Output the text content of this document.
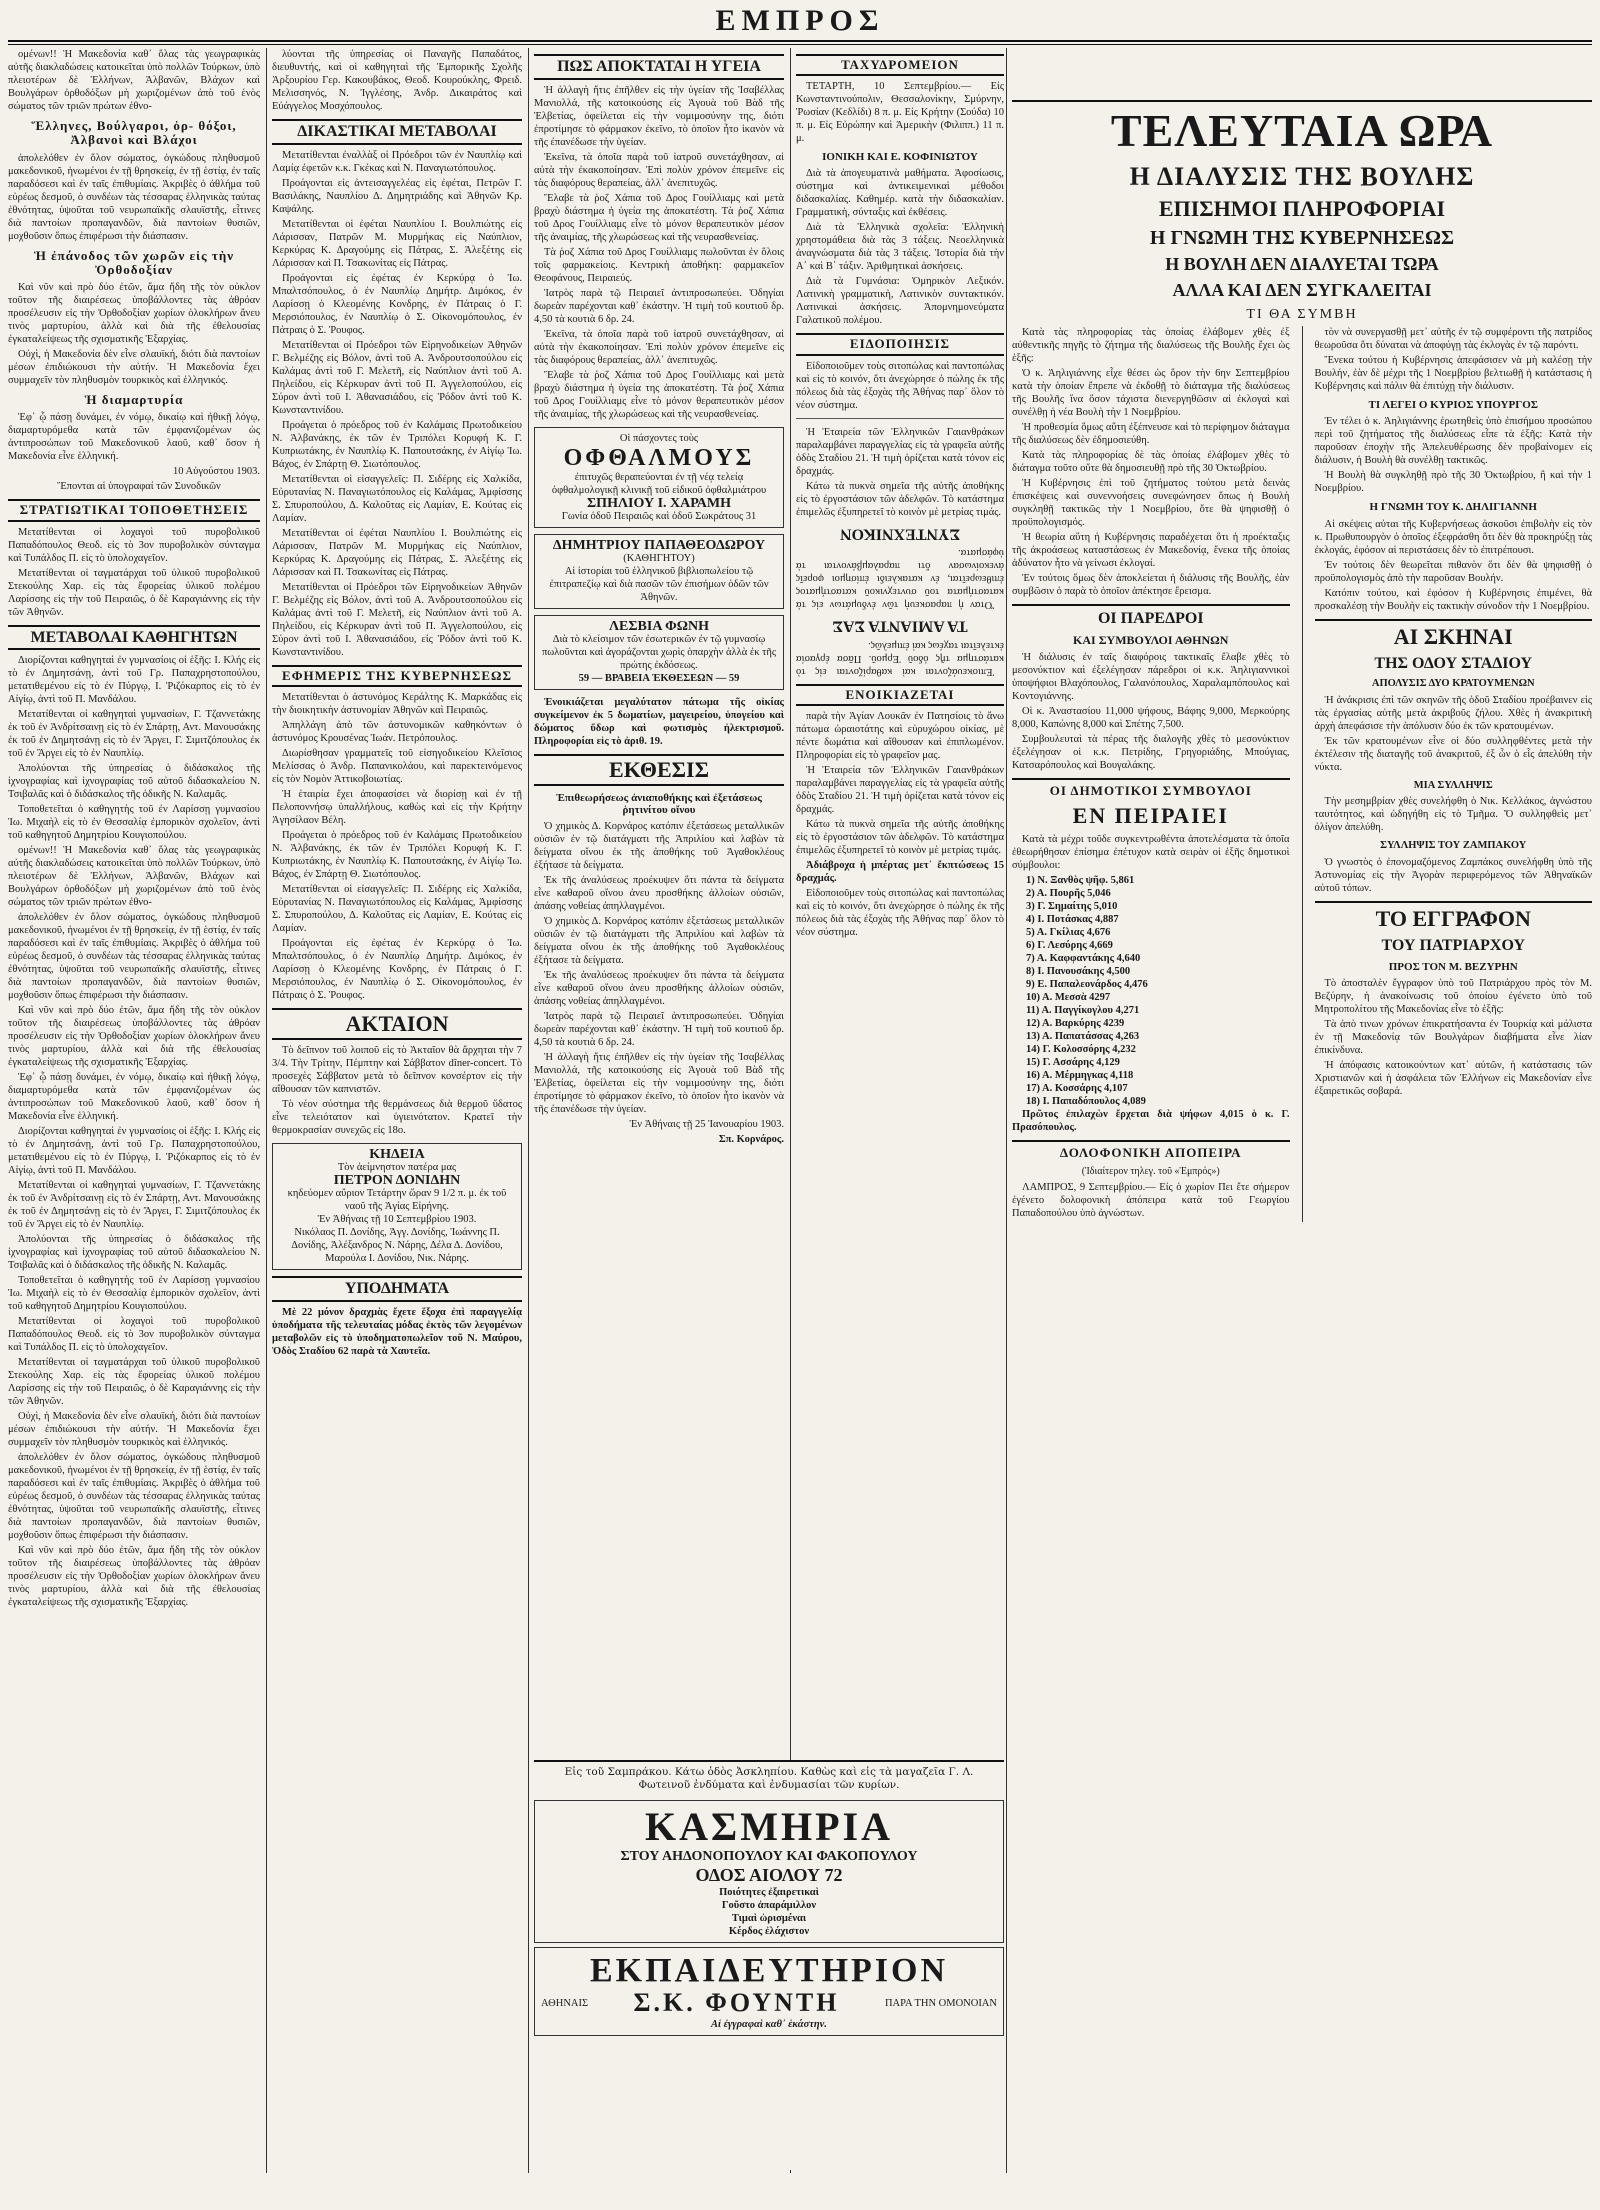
ΕΜΠΡΟΣ

ομένων!! Ἡ Μακεδονία καθ᾿ ὅλας τὰς γεωγραφικὰς αὐτῆς διακλαδώσεις κατοικεῖται ὑπὸ πολλῶν Τούρκων, ὑπὸ πλειοτέρων δὲ Ἑλλήνων, Ἀλβανῶν, Βλάχων καὶ Βουλγάρων ὀρθοδόξων μὴ χωριζομένων ἀπὸ τοῦ ἑνὸς σώματος τῶν τριῶν πρώτων ἐθνο-

Ἕλληνες, Βούλγαροι, ὀρ- θόξοι, Ἀλβανοὶ καὶ Βλάχοι

ἀπολελόθεν ἐν ὅλον σώματος, ὀγκώδους πληθυσμοῦ μακεδονικοῦ, ἡνωμένοι ἐν τῇ θρησκείᾳ, ἐν τῇ ἑστίᾳ, ἐν ταῖς παραδόσεσι καὶ ἐν ταῖς ἐπιθυμίαις. Ἀκριβὲς ὁ ἀθλήμα τοῦ εὐρέως δεσμοῦ, ὁ συνδέων τὰς τέσσαρας ἑλληνικὰς ταύτας ἐθνότητας, ὑψοῦται τοῦ νευρωπαϊκῆς σλαυϊστῆς, εἶτινες διὰ παντοίων προπαγανδῶν, διὰ παντοίων θυσιῶν, μοχθοῦσιν ὅπως ἐπιφέρωσι τὴν διάσπασιν.

Ἡ ἐπάνοδος τῶν χωρῶν εἰς τὴν Ὀρθοδοξίαν

Καὶ νῦν καὶ πρὸ δύο ἐτῶν, ἅμα ἤδη τῆς τὸν οὐκλον τοῦτον τῆς διαιρέσεως ὑποβάλλοντες τὰς ἀθρόαν προσέλευσιν εἰς τὴν Ὀρθοδοξίαν χωρίων ὁλοκλήρων ἄνευ τινὸς μαρτυρίου, ἀλλὰ καὶ διὰ τῆς ἐθελουσίας ἐγκαταλείψεως τῆς σχισματικῆς Ἐξαρχίας.

Οὐχὶ, ἡ Μακεδονία δὲν εἶνε σλαυϊκή, διότι διὰ παντοίων μέσων ἐπιδιώκουσι τὴν αὐτήν. Ἡ Μακεδονία ἔχει συμμαχεῖν τὸν πληθυσμὸν τουρκικὸς καὶ ἑλληνικός.

Ἡ διαμαρτυρία

Ἐφ᾿ ᾧ πάσῃ δυνάμει, ἐν νόμῳ, δικαίῳ καὶ ἠθικῇ λόγῳ, διαμαρτυρόμεθα κατὰ τῶν ἐμφανιζομένων ὡς ἀντιπροσώπων τοῦ Μακεδονικοῦ λαοῦ, καθ᾿ ὅσον ἡ Μακεδονία εἶνε ἑλληνική.

10 Αὐγούστου 1903.

Ἕπονται αἱ ὑπογραφαί τῶν Συνοδικῶν

ΣΤΡΑΤΙΩΤΙΚΑΙ ΤΟΠΟΘΕΤΗΣΕΙΣ

Μετατίθενται οἱ λοχαγοὶ τοῦ πυροβολικοῦ Παπαδόπουλος Θεοδ. εἰς τὸ 3ον πυροβολικὸν σύνταγμα καὶ Τυπάλδος Π. εἰς τὸ ὑπολοχαγεῖον.

Μετατίθενται οἱ ταγματάρχαι τοῦ ὑλικοῦ πυροβολικοῦ Στεκούλης Χαρ. εἰς τὰς ἔφορείας ὑλικοῦ πολέμου Λαρίσσης εἰς τὴν τοῦ Πειραιῶς, ὁ δὲ Καραγιάννης εἰς τὴν τῶν Ἀθηνῶν.

ΜΕΤΑΒΟΛΑΙ ΚΑΘΗΓΗΤΩΝ

Διορίζονται καθηγηταὶ ἐν γυμνασίοις οἱ ἑξῆς: Ι. Κλής εἰς τὸ ἐν Δημητσάνῃ, ἀντὶ τοῦ Γρ. Παπαχρηστοπούλου, μετατιθεμένου εἰς τὸ ἐν Πύργῳ, Ι. Ῥιζόκαρπος εἰς τὸ ἐν Αἰγίῳ, ἀντὶ τοῦ Π. Μανδάλου.

Μετατίθενται οἱ καθηγηταὶ γυμνασίων, Γ. Τζαννετάκης ἐκ τοῦ ἐν Ἀνδρίτσαινῃ εἰς τὸ ἐν Σπάρτῃ, Αντ. Μανουσάκης ἐκ τοῦ ἐν Δημητσάνῃ εἰς τὸ ἐν Ἄργει, Γ. Σιμιτζόπουλος ἐκ τοῦ ἐν Ἄργει εἰς τὸ ἐν Ναυπλίῳ.

Ἀπολύονται τῆς ὑπηρεσίας ὁ διδάσκαλος τῆς ἱχνογραφίας καὶ ἰχνογραφίας τοῦ αὐτοῦ διδασκαλείου Ν. Τσιβαλᾶς καὶ ὁ διδάσκαλος τῆς ὁδικῆς Ν. Καλαμᾶς.

Τοποθετεῖται ὁ καθηγητὴς τοῦ ἐν Λαρίσσῃ γυμνασίου Ἰω. Μιχαὴλ εἰς τὸ ἐν Θεσσαλίᾳ ἐμπορικὸν σχολεῖον, ἀντὶ τοῦ καθηγητοῦ Δημητρίου Κουγιοπούλου.

ομένων!! Ἡ Μακεδονία καθ᾿ ὅλας τὰς γεωγραφικὰς αὐτῆς διακλαδώσεις κατοικεῖται ὑπὸ πολλῶν Τούρκων, ὑπὸ πλειοτέρων δὲ Ἑλλήνων, Ἀλβανῶν, Βλάχων καὶ Βουλγάρων ὀρθοδόξων μὴ χωριζομένων ἀπὸ τοῦ ἑνὸς σώματος τῶν τριῶν πρώτων ἐθνο-

ἀπολελόθεν ἐν ὅλον σώματος, ὀγκώδους πληθυσμοῦ μακεδονικοῦ, ἡνωμένοι ἐν τῇ θρησκείᾳ, ἐν τῇ ἑστίᾳ, ἐν ταῖς παραδόσεσι καὶ ἐν ταῖς ἐπιθυμίαις. Ἀκριβὲς ὁ ἀθλήμα τοῦ εὐρέως δεσμοῦ, ὁ συνδέων τὰς τέσσαρας ἑλληνικὰς ταύτας ἐθνότητας, ὑψοῦται τοῦ νευρωπαϊκῆς σλαυϊστῆς, εἶτινες διὰ παντοίων προπαγανδῶν, διὰ παντοίων θυσιῶν, μοχθοῦσιν ὅπως ἐπιφέρωσι τὴν διάσπασιν.

Καὶ νῦν καὶ πρὸ δύο ἐτῶν, ἅμα ἤδη τῆς τὸν οὐκλον τοῦτον τῆς διαιρέσεως ὑποβάλλοντες τὰς ἀθρόαν προσέλευσιν εἰς τὴν Ὀρθοδοξίαν χωρίων ὁλοκλήρων ἄνευ τινὸς μαρτυρίου, ἀλλὰ καὶ διὰ τῆς ἐθελουσίας ἐγκαταλείψεως τῆς σχισματικῆς Ἐξαρχίας.

Ἐφ᾿ ᾧ πάσῃ δυνάμει, ἐν νόμῳ, δικαίῳ καὶ ἠθικῇ λόγῳ, διαμαρτυρόμεθα κατὰ τῶν ἐμφανιζομένων ὡς ἀντιπροσώπων τοῦ Μακεδονικοῦ λαοῦ, καθ᾿ ὅσον ἡ Μακεδονία εἶνε ἑλληνική.

Διορίζονται καθηγηταὶ ἐν γυμνασίοις οἱ ἑξῆς: Ι. Κλής εἰς τὸ ἐν Δημητσάνῃ, ἀντὶ τοῦ Γρ. Παπαχρηστοπούλου, μετατιθεμένου εἰς τὸ ἐν Πύργῳ, Ι. Ῥιζόκαρπος εἰς τὸ ἐν Αἰγίῳ, ἀντὶ τοῦ Π. Μανδάλου.

Μετατίθενται οἱ καθηγηταὶ γυμνασίων, Γ. Τζαννετάκης ἐκ τοῦ ἐν Ἀνδρίτσαινῃ εἰς τὸ ἐν Σπάρτῃ, Αντ. Μανουσάκης ἐκ τοῦ ἐν Δημητσάνῃ εἰς τὸ ἐν Ἄργει, Γ. Σιμιτζόπουλος ἐκ τοῦ ἐν Ἄργει εἰς τὸ ἐν Ναυπλίῳ.

Ἀπολύονται τῆς ὑπηρεσίας ὁ διδάσκαλος τῆς ἱχνογραφίας καὶ ἰχνογραφίας τοῦ αὐτοῦ διδασκαλείου Ν. Τσιβαλᾶς καὶ ὁ διδάσκαλος τῆς ὁδικῆς Ν. Καλαμᾶς.

Τοποθετεῖται ὁ καθηγητὴς τοῦ ἐν Λαρίσσῃ γυμνασίου Ἰω. Μιχαὴλ εἰς τὸ ἐν Θεσσαλίᾳ ἐμπορικὸν σχολεῖον, ἀντὶ τοῦ καθηγητοῦ Δημητρίου Κουγιοπούλου.

Μετατίθενται οἱ λοχαγοὶ τοῦ πυροβολικοῦ Παπαδόπουλος Θεοδ. εἰς τὸ 3ον πυροβολικὸν σύνταγμα καὶ Τυπάλδος Π. εἰς τὸ ὑπολοχαγεῖον.

Μετατίθενται οἱ ταγματάρχαι τοῦ ὑλικοῦ πυροβολικοῦ Στεκούλης Χαρ. εἰς τὰς ἔφορείας ὑλικοῦ πολέμου Λαρίσσης εἰς τὴν τοῦ Πειραιῶς, ὁ δὲ Καραγιάννης εἰς τὴν τῶν Ἀθηνῶν.

Οὐχὶ, ἡ Μακεδονία δὲν εἶνε σλαυϊκή, διότι διὰ παντοίων μέσων ἐπιδιώκουσι τὴν αὐτήν. Ἡ Μακεδονία ἔχει συμμαχεῖν τὸν πληθυσμὸν τουρκικὸς καὶ ἑλληνικός.

ἀπολελόθεν ἐν ὅλον σώματος, ὀγκώδους πληθυσμοῦ μακεδονικοῦ, ἡνωμένοι ἐν τῇ θρησκείᾳ, ἐν τῇ ἑστίᾳ, ἐν ταῖς παραδόσεσι καὶ ἐν ταῖς ἐπιθυμίαις. Ἀκριβὲς ὁ ἀθλήμα τοῦ εὐρέως δεσμοῦ, ὁ συνδέων τὰς τέσσαρας ἑλληνικὰς ταύτας ἐθνότητας, ὑψοῦται τοῦ νευρωπαϊκῆς σλαυϊστῆς, εἶτινες διὰ παντοίων προπαγανδῶν, διὰ παντοίων θυσιῶν, μοχθοῦσιν ὅπως ἐπιφέρωσι τὴν διάσπασιν.

Καὶ νῦν καὶ πρὸ δύο ἐτῶν, ἅμα ἤδη τῆς τὸν οὐκλον τοῦτον τῆς διαιρέσεως ὑποβάλλοντες τὰς ἀθρόαν προσέλευσιν εἰς τὴν Ὀρθοδοξίαν χωρίων ὁλοκλήρων ἄνευ τινὸς μαρτυρίου, ἀλλὰ καὶ διὰ τῆς ἐθελουσίας ἐγκαταλείψεως τῆς σχισματικῆς Ἐξαρχίας.

λύονται τῆς ὑπηρεσίας οἱ Παναγῆς Παπαδάτος, διευθυντής, καὶ οἱ καθηγηταὶ τῆς Ἐμπορικῆς Σχολῆς Ἀρξουρίου Γερ. Κακουβάκος, Θεοδ. Κουρούκλης, Φρειδ. Μελισσηνός, Ν. Ἰγγλέσης, Ἀνδρ. Δικαιράτος καὶ Εὐάγγελος Μοσχόπουλος.

ΔΙΚΑΣΤΙΚΑΙ ΜΕΤΑΒΟΛΑΙ

Μετατίθενται ἐναλλὰξ οἱ Πρόεδροι τῶν ἐν Ναυπλίῳ καὶ Λαμίᾳ ἐφετῶν κ.κ. Γκέκας καὶ Ν. Παναγιωτόπουλος.

Προάγονται εἰς ἀντεισαγγελέας εἰς ἐφέται, Πετρῶν Γ. Βασιλάκης, Ναυπλίου Δ. Δημητριάδης καὶ Ἀθηνῶν Κρ. Καψάλης.

Μετατίθενται οἱ ἐφέται Ναυπλίου Ι. Βουλπιώτης εἰς Λάρισσαν, Πατρῶν Μ. Μυρμήκας εἰς Ναύπλιον, Κερκύρας Κ. Δραγούμης εἰς Πάτρας, Σ. Ἀλεξέτης εἰς Λάρισσαν καὶ Π. Τσακωνίτας εἰς Πάτρας.

Προάγονται εἰς ἐφέτας ἐν Κερκύρᾳ ὁ Ἰω. Μπαλτσόπουλος, ὁ ἐν Ναυπλίῳ Δημήτρ. Διμόκος, ἐν Λαρίσσῃ ὁ Κλεομένης Κονδρης, ἐν Πάτραις ὁ Γ. Μερσιόπουλος, ἐν Ναυπλίῳ ὁ Σ. Οἰκονομόπουλος, ἐν Πάτραις ὁ Σ. Ῥουφος.

Μετατίθενται οἱ Πρόεδροι τῶν Εἰρηνοδικείων Ἀθηνῶν Γ. Βελμέζης εἰς Βόλον, ἀντὶ τοῦ Α. Ἀνδρουτσοπούλου εἰς Καλάμας ἀντὶ τοῦ Γ. Μελετῆ, εἰς Ναύπλιον ἀντὶ τοῦ Α. Πηλείδου, εἰς Κέρκυραν ἀντὶ τοῦ Π. Ἀγγελοπούλου, εἰς Σύρον ἀντὶ τοῦ Ι. Ἀθανασιάδου, εἰς Ῥόδον ἀντὶ τοῦ Κ. Κωνσταντινίδου.

Προάγεται ὁ πρόεδρος τοῦ ἐν Καλάμαις Πρωτοδικείου Ν. Ἀλβανάκης, ἐκ τῶν ἐν Τριπόλει Κορυφή Κ. Γ. Κυπριωτάκης, ἐν Ναυπλίῳ Κ. Παπουτσάκης, ἐν Αἰγίῳ Ἰω. Βάχος, ἐν Σπάρτῃ Θ. Σιωτόπουλος.

Μετατίθενται οἱ εἰσαγγελεῖς: Π. Σιδέρης εἰς Χαλκίδα, Εὐρυτανίας Ν. Παναγιωτόπουλος εἰς Καλάμας, Ἀμφίσσης Σ. Σπυροπούλου, Δ. Καλοῦτας εἰς Λαμίαν, Ε. Κούτας εἰς Λαμίαν.

Μετατίθενται οἱ ἐφέται Ναυπλίου Ι. Βουλπιώτης εἰς Λάρισσαν, Πατρῶν Μ. Μυρμήκας εἰς Ναύπλιον, Κερκύρας Κ. Δραγούμης εἰς Πάτρας, Σ. Ἀλεξέτης εἰς Λάρισσαν καὶ Π. Τσακωνίτας εἰς Πάτρας.

Μετατίθενται οἱ Πρόεδροι τῶν Εἰρηνοδικείων Ἀθηνῶν Γ. Βελμέζης εἰς Βόλον, ἀντὶ τοῦ Α. Ἀνδρουτσοπούλου εἰς Καλάμας ἀντὶ τοῦ Γ. Μελετῆ, εἰς Ναύπλιον ἀντὶ τοῦ Α. Πηλείδου, εἰς Κέρκυραν ἀντὶ τοῦ Π. Ἀγγελοπούλου, εἰς Σύρον ἀντὶ τοῦ Ι. Ἀθανασιάδου, εἰς Ῥόδον ἀντὶ τοῦ Κ. Κωνσταντινίδου.

ΕΦΗΜΕΡΙΣ ΤΗΣ ΚΥΒΕΡΝΗΣΕΩΣ

Μετατίθενται ὁ ἀστυνόμος Κεράλτης Κ. Μαρκάδας εἰς τὴν διοικητικὴν ἀστυνομίαν Ἀθηνῶν καὶ Πειραιῶς.

Ἀπηλλάγη ἀπὸ τῶν ἀστυνομικῶν καθηκόντων ὁ ἀστυνόμος Κρουσένας Ἰωάν. Πετρόπουλος.

Διωρίσθησαν γραμματεῖς τοῦ εἰσηγοδικείου Κλεῖσιος Μελίσσας ὁ Ἀνδρ. Παπανικολάου, καὶ παρεκτεινόμενος εἰς τὸν Νομὸν Ἀττικοβοιωτίας.

Ἡ ἑταιρία ἔχει ἀποφασίσει νὰ διορίσῃ καὶ ἐν τῇ Πελοποννήσῳ ὑπαλλήλους, καθὼς καὶ εἰς τὴν Κρήτην Ἀγησίλαον Βέλη.

Προάγεται ὁ πρόεδρος τοῦ ἐν Καλάμαις Πρωτοδικείου Ν. Ἀλβανάκης, ἐκ τῶν ἐν Τριπόλει Κορυφή Κ. Γ. Κυπριωτάκης, ἐν Ναυπλίῳ Κ. Παπουτσάκης, ἐν Αἰγίῳ Ἰω. Βάχος, ἐν Σπάρτῃ Θ. Σιωτόπουλος.

Μετατίθενται οἱ εἰσαγγελεῖς: Π. Σιδέρης εἰς Χαλκίδα, Εὐρυτανίας Ν. Παναγιωτόπουλος εἰς Καλάμας, Ἀμφίσσης Σ. Σπυροπούλου, Δ. Καλοῦτας εἰς Λαμίαν, Ε. Κούτας εἰς Λαμίαν.

Προάγονται εἰς ἐφέτας ἐν Κερκύρᾳ ὁ Ἰω. Μπαλτσόπουλος, ὁ ἐν Ναυπλίῳ Δημήτρ. Διμόκος, ἐν Λαρίσσῃ ὁ Κλεομένης Κονδρης, ἐν Πάτραις ὁ Γ. Μερσιόπουλος, ἐν Ναυπλίῳ ὁ Σ. Οἰκονομόπουλος, ἐν Πάτραις ὁ Σ. Ῥουφος.

ΑΚΤΑΙΟΝ

Τὸ δεῖπνον τοῦ λοιποῦ εἰς τὸ Ἀκταῖον θὰ ἄρχηται τὴν 7 3/4. Τὴν Τρίτην, Πέμπτην καὶ Σάββατον dîner-concert. Τὸ προσεχὲς Σάββατον μετὰ τὸ δεῖπνον κονσέρτον εἰς τὴν αἴθουσαν τῶν καπνιστῶν.

Τὸ νέον σύστημα τῆς θερμάνσεως διὰ θερμοῦ ὕδατος εἶνε τελειότατον καὶ ὑγιεινότατον. Κρατεῖ τὴν θερμοκρασίαν συνεχῶς εἰς 18ο.

ΚΗΔΕΙΑ
Τὸν ἀείμνηστον πατέρα μας
ΠΕΤΡΟΝ ΔΟΝΙΔΗΝ
κηδεύομεν αὔριον Τετάρτην ὥραν 9 1/2 π. μ. ἐκ τοῦ ναοῦ τῆς Ἁγίας Εἰρήνης.
Ἐν Ἀθήναις τῇ 10 Σεπτεμβρίου 1903.
Νικόλαος Π. Δονίδης, Ἀγγ. Δονίδης, Ἰωάννης Π. Δονίδης, Ἀλέξανδρος Ν. Νάρης, Δέλα Δ. Δονίδου, Μαρούλα Ι. Δονίδου, Νικ. Νάρης.
ΥΠΟΔΗΜΑΤΑ

Μὲ 22 μόνον δραχμὰς ἔχετε ἕξοχα ἐπὶ παραγγελίᾳ ὑποδήματα τῆς τελευταίας μόδας ἐκτὸς τῶν λεγομένων μεταβολῶν εἰς τὸ ὑποδηματοπωλεῖον τοῦ Ν. Μαύρου, Ὁδὸς Σταδίου 62 παρὰ τὰ Χαυτεῖα.

ΠΩΣ ΑΠΟΚΤΑΤΑΙ Η ΥΓΕΙΑ

Ἡ ἀλλαγὴ ἤτις ἐπῆλθεν εἰς τὴν ὑγείαν τῆς Ἰσαβέλλας Μανιολλά, τῆς κατοικούσης εἰς Ἀγουὰ τοῦ Βὰδ τῆς Ἐλβετίας, ὀφείλεται εἰς τὴν νομιμοσύνην της, διότι ἐπροτίμησε τὸ φάρμακον ἐκεῖνο, τὸ ὁποῖον ἦτο ἱκανὸν νὰ τῆς ἐπανέδωσε τὴν ὑγείαν.

Ἐκεῖνα, τὰ ὁποῖα παρὰ τοῦ ἰατροῦ συνετάχθησαν, αἱ αὐτὰ τὴν ἐκακοποίησαν. Ἐπὶ πολὺν χρόνον ἐπεμεῖνε εἰς τὰς διαφόρους θεραπείας, ἀλλ᾿ ἀνεπιτυχῶς.

Ἔλαβε τὰ ῥοζ Χάπια τοῦ Δρος Γουίλλιαμς καὶ μετὰ βραχὺ διάστημα ἡ ὑγεία της ἀποκατέστη. Τὰ ῥοζ Χάπια τοῦ Δρος Γουίλλιαμς εἶνε τὸ μόνον θεραπευτικὸν μέσον τῆς ἀναιμίας, τῆς χλωρώσεως καὶ τῆς νευρασθενείας.

Τὰ ῥοζ Χάπια τοῦ Δρος Γουίλλιαμς πωλοῦνται ἐν ὅλοις τοῖς φαρμακείοις. Κεντρικὴ ἀποθήκη: φαρμακεῖον Θεοφάνους, Πειραιεύς.

Ἰατρὸς παρὰ τῷ Πειραιεῖ ἀντιπροσωπεύει. Ὁδηγίαι δωρεὰν παρέχονται καθ᾿ ἑκάστην. Ἡ τιμὴ τοῦ κουτιοῦ δρ. 4,50 τὰ κουτιὰ 6 δρ. 24.

Ἐκεῖνα, τὰ ὁποῖα παρὰ τοῦ ἰατροῦ συνετάχθησαν, αἱ αὐτὰ τὴν ἐκακοποίησαν. Ἐπὶ πολὺν χρόνον ἐπεμεῖνε εἰς τὰς διαφόρους θεραπείας, ἀλλ᾿ ἀνεπιτυχῶς.

Ἔλαβε τὰ ῥοζ Χάπια τοῦ Δρος Γουίλλιαμς καὶ μετὰ βραχὺ διάστημα ἡ ὑγεία της ἀποκατέστη. Τὰ ῥοζ Χάπια τοῦ Δρος Γουίλλιαμς εἶνε τὸ μόνον θεραπευτικὸν μέσον τῆς ἀναιμίας, τῆς χλωρώσεως καὶ τῆς νευρασθενείας.

Οἱ πάσχοντες τοὺς
ΟΦΘΑΛΜΟΥΣ
ἐπιτυχῶς θεραπεύονται ἐν τῇ νέᾳ τελείᾳ ὀφθαλμολογικῇ κλινικῇ τοῦ εἰδικοῦ ὀφθαλμιάτρου
ΣΠΗΛΙΟΥ Ι. ΧΑΡΑΜΗ
Γωνία ὁδοῦ Πειραιῶς καὶ ὁδοῦ Σωκράτους 31
ΔΗΜΗΤΡΙΟΥ ΠΑΠΑΘΕΟΔΩΡΟΥ
(ΚΑΘΗΓΗΤΟΥ)
Αἱ ἱστορίαι τοῦ ἑλληνικοῦ βιβλιοπωλείου τῷ ἐπιτραπεζίῳ καὶ διὰ πασῶν τῶν ἐπισήμων ὁδῶν τῶν Ἀθηνῶν.
ΛΕΣΒΙΑ ΦΩΝΗ
Διὰ τὸ κλείσιμον τῶν ἐσωτερικῶν ἐν τῷ γυμνασίῳ πωλοῦνται καὶ ἀγοράζονται χωρὶς ὁπαρχὴν ἀλλὰ ἐκ τῆς πρώτης ἐκδόσεως.
59 — ΒΡΑΒΕΙΑ ἘΚΘΕΣΕΩΝ — 59

Ἐνοικιάζεται μεγαλύτατον πάτωμα τῆς οἰκίας συγκείμενον ἐκ 5 δωματίων, μαγειρείου, ὑπογείου καὶ δώματος ὕδωρ καὶ φωτισμὸς ἠλεκτρισμοῦ. Πληροφορίαι εἰς τὸ ἀριθ. 19.

ΕΚΘΕΣΙΣ
Ἐπιθεωρήσεως ἀνιαποθήκης καὶ ἐξετάσεως ῥητινίτου οἴνου

Ὁ χημικὸς Δ. Κορνάρος κατόπιν ἐξετάσεως μεταλλικῶν οὐσιῶν ἐν τῷ διατάγματι τῆς Ἀπριλίου καὶ λαβὼν τὰ δείγματα οἴνου ἐκ τῆς ἀποθήκης τοῦ Ἀγαθοκλέους ἐξήτασε τὰ δείγματα.

Ἐκ τῆς ἀναλύσεως προέκυψεν ὅτι πάντα τὰ δείγματα εἶνε καθαροῦ οἴνου ἀνευ προσθήκης ἀλλοίων οὐσιῶν, ἁπάσης νοθείας ἀπηλλαγμένοι.

Ὁ χημικὸς Δ. Κορνάρος κατόπιν ἐξετάσεως μεταλλικῶν οὐσιῶν ἐν τῷ διατάγματι τῆς Ἀπριλίου καὶ λαβὼν τὰ δείγματα οἴνου ἐκ τῆς ἀποθήκης τοῦ Ἀγαθοκλέους ἐξήτασε τὰ δείγματα.

Ἐκ τῆς ἀναλύσεως προέκυψεν ὅτι πάντα τὰ δείγματα εἶνε καθαροῦ οἴνου ἀνευ προσθήκης ἀλλοίων οὐσιῶν, ἁπάσης νοθείας ἀπηλλαγμένοι.

Ἰατρὸς παρὰ τῷ Πειραιεῖ ἀντιπροσωπεύει. Ὁδηγίαι δωρεὰν παρέχονται καθ᾿ ἑκάστην. Ἡ τιμὴ τοῦ κουτιοῦ δρ. 4,50 τὰ κουτιὰ 6 δρ. 24.

Ἡ ἀλλαγὴ ἤτις ἐπῆλθεν εἰς τὴν ὑγείαν τῆς Ἰσαβέλλας Μανιολλά, τῆς κατοικούσης εἰς Ἀγουὰ τοῦ Βὰδ τῆς Ἐλβετίας, ὀφείλεται εἰς τὴν νομιμοσύνην της, διότι ἐπροτίμησε τὸ φάρμακον ἐκεῖνο, τὸ ὁποῖον ἦτο ἱκανὸν νὰ τῆς ἐπανέδωσε τὴν ὑγείαν.

Ἐν Ἀθήναις τῇ 25 Ἰανουαρίου 1903.

Σπ. Κορνάρος.

ΤΑΧΥΔΡΟΜΕΙΟΝ

ΤΕΤΑΡΤΗ, 10 Σεπτεμβρίου.— Εἰς Κωνσταντινούπολιν, Θεσσαλονίκην, Σμύρνην, Ῥωσίαν (Κεδλίδι) 8 π. μ. Εἰς Κρήτην (Σούδα) 10 π. μ. Εἰς Εὐρώπην καὶ Ἀμερικὴν (Φιλιππ.) 11 π. μ.

ΙΟΝΙΚΗ ΚΑΙ Ε. ΚΟΦΙΝΙΩΤΟΥ

Διὰ τὰ ἀπογευματινὰ μαθήματα. Ἀφοσίωσις, σύστημα καὶ ἀντικειμενικαὶ μέθοδοι διδασκαλίας. Καθημέρ. κατὰ τὴν διδασκαλίαν. Γραμματικὴ, σύνταξις καὶ ἐκθέσεις.

Διὰ τὰ Ἑλληνικὰ σχολεῖα: Ἑλληνικὴ χρηστομάθεια διὰ τὰς 3 τάξεις. Νεοελληνικὰ ἀναγνώσματα διὰ τὰς 3 τάξεις. Ἱστορία διὰ τὴν Α΄ καὶ Β΄ τάξιν. Ἀριθμητικαὶ ἀσκήσεις.

Διὰ τὰ Γυμνάσια: Ὁμηρικὸν Λεξικόν. Λατινικὴ γραμματικὴ, Λατινικὸν συντακτικόν. Λατινικαὶ ἀσκήσεις. Ἀπομνημονεύματα Γαλατικοῦ πολέμου.

ΕΙΔΟΠΟΙΗΣΙΣ

Εἰδοποιοῦμεν τοὺς σιτοπώλας καὶ παντοπώλας καὶ εἰς τὸ κοινόν, ὅτι ἀνεχώρησε ὁ πώλης ἐκ τῆς πόλεως διὰ τὰς ἐξοχὰς τῆς Ἀθήνας παρ᾿ ὅλον τὸ νέον σύστημα.

Ἡ Ἑταιρεία τῶν Ἑλληνικῶν Γαιανθράκων παραλαμβάνει παραγγελίας εἰς τὰ γραφεῖα αὐτῆς ὁδὸς Σταδίου 21. Ἡ τιμὴ ὁρίζεται κατὰ τόνον εἰς δραχμάς.

Κάτω τὰ πυκνὰ σημεῖα τῆς αὐτῆς ἀποθήκης εἰς τὸ ἐργοστάσιον τῶν ἀδελφῶν. Τὸ κατάστημα ἐπιμελῶς ἐξυπηρετεῖ τὸ κοινὸν μὲ μετρίας τιμάς.

ΣΥΝΤΕΧΝΙΚΟΝ

Ὅταν ἡ παρασκευὴ τῶν ἐνδυμάτων εἰς τὰ καταστήματα τοῦ συντεχνικοῦ καταστήματος ἐπιθεωρεῖται, ἐν κατακλειδι ἐπίσημοι φορεῖς ἀνεκοίνωσαν ὅτι παραλαμβάνονται τὰ ὑφάσματα.

ΤΑ ΑΜΙΑΝΤΑ ΣΑΣ

Ἐπισκευάζονται καὶ καθαρίζονται εἰς τὸ κατάστημα τῆς ὁδοῦ Ἑρμοῦ. Πᾶσα ἐργασία ἐκτελεῖται ταχέως καὶ ἐπιμελῶς.

ΕΝΟΙΚΙΑΖΕΤΑΙ

παρὰ τὴν Ἁγίαν Λουκᾶν ἐν Πατησίοις τὸ ἄνω πάτωμα ὡραιοτάτης καὶ εὐρυχώρου οἰκίας, μὲ πέντε δωμάτια καὶ αἴθουσαν καὶ ἐπιπλωμένον. Πληροφορίαι εἰς τὸ γραφεῖον μας.

Ἡ Ἑταιρεία τῶν Ἑλληνικῶν Γαιανθράκων παραλαμβάνει παραγγελίας εἰς τὰ γραφεῖα αὐτῆς ὁδὸς Σταδίου 21. Ἡ τιμὴ ὁρίζεται κατὰ τόνον εἰς δραχμάς.

Κάτω τὰ πυκνὰ σημεῖα τῆς αὐτῆς ἀποθήκης εἰς τὸ ἐργοστάσιον τῶν ἀδελφῶν. Τὸ κατάστημα ἐπιμελῶς ἐξυπηρετεῖ τὸ κοινὸν μὲ μετρίας τιμάς.

Ἀδιάβροχα ἡ μπέρτας μετ᾿ ἔκπτώσεως 15 δραχμάς.

Εἰδοποιοῦμεν τοὺς σιτοπώλας καὶ παντοπώλας καὶ εἰς τὸ κοινόν, ὅτι ἀνεχώρησε ὁ πώλης ἐκ τῆς πόλεως διὰ τὰς ἐξοχὰς τῆς Ἀθήνας παρ᾿ ὅλον τὸ νέον σύστημα.

Εἰς τοῦ Σαμπράκου. Κάτω ὁδὸς Ἀσκληπίου. Καθὼς καὶ εἰς τὰ μαγαζεῖα Γ. Λ. Φωτεινοῦ ἐνδύματα καὶ ἐνδυμασίαι τῶν κυρίων.

ΚΑΣΜΗΡΙΑ
ΣΤΟΥ ΑΗΔΟΝΟΠΟΥΛΟΥ ΚΑΙ ΦΑΚΟΠΟΥΛΟΥ
ΟΔΟΣ ΑΙΟΛΟΥ 72
Ποιότητες ἐξαιρετικαὶ
Γοῦστο ἀπαράμιλλον
Τιμαὶ ὡρισμέναι
Κέρδος ἐλάχιστον
ΕΚΠΑΙΔΕΥΤΗΡΙΟΝ
ΑΘΗΝΑΙΣ Σ.Κ. ΦΟΥΝΤΗ	ΠΑΡΑ ΤΗΝ ΟΜΟΝΟΙΑΝ
Αἱ ἐγγραφαὶ καθ᾿ ἑκάστην.
ΤΕΛΕΥΤΑΙΑ ΩΡΑ
Η ΔΙΑΛΥΣΙΣ ΤΗΣ ΒΟΥΛΗΣ
ΕΠΙΣΗΜΟΙ ΠΛΗΡΟΦΟΡΙΑΙ
Η ΓΝΩΜΗ ΤΗΣ ΚΥΒΕΡΝΗΣΕΩΣ
Η ΒΟΥΛΗ ΔΕΝ ΔΙΑΛΥΕΤΑΙ ΤΩΡΑ
ΑΛΛΑ ΚΑΙ ΔΕΝ ΣΥΓΚΑΛΕΙΤΑΙ
ΤΙ ΘΑ ΣΥΜΒΗ

Κατὰ τὰς πληροφορίας τὰς ὁποίας ἐλάβομεν χθὲς ἐξ αὐθεντικῆς πηγῆς τὸ ζήτημα τῆς διαλύσεως τῆς Βουλῆς ἔχει ὡς ἑξῆς:

Ὁ κ. Ἀηλιγιάννης εἶχε θέσει ὡς ὅρον τὴν 6ην Σεπτεμβρίου κατὰ τὴν ὁποίαν ἔπρεπε νὰ ἐκδοθῇ τὸ διάταγμα τῆς διαλύσεως τῆς Βουλῆς ἵνα ὅσον τάχιστα διενεργηθῶσιν αἱ ἐκλογαὶ καὶ συνέλθῃ ἡ νέα Βουλὴ τὴν 1 Νοεμβρίου.

Ἡ προθεσμία ὅμως αὕτη ἐξέπνευσε καὶ τὸ περίφημον διάταγμα τῆς διαλύσεως δὲν ἐδημοσιεύθη.

Κατὰ τὰς πληροφορίας δὲ τὰς ὁποίας ἐλάβομεν χθὲς τὸ διάταγμα τοῦτο οὔτε θὰ δημοσιευθῇ πρὸ τῆς 30 Ὀκτωβρίου.

Ἡ Κυβέρνησις ἐπὶ τοῦ ζητήματος τούτου μετὰ δεινὰς ἐπισκέψεις καὶ συνεννοήσεις συνεφώνησεν ὅπως ἡ Βουλὴ συγκληθῇ τακτικῶς τὴν 1 Νοεμβρίου, ὅτε θὰ ψηφισθῇ ὁ προϋπολογισμός.

Ἡ θεωρία αὕτη ἡ Κυβέρνησις παραδέχεται ὅτι ἡ προέκταξις τῆς ἀκροάσεως καταστάσεως ἐν Μακεδονίᾳ, ἕνεκα τῆς ὁποίας ἀδύνατον ἦτο νὰ γείνωσι ἐκλογαί.

Ἐν τούτοις ὅμως δὲν ἀποκλείεται ἡ διάλυσις τῆς Βουλῆς, ἐὰν συμβῶσιν ὁ παρὰ τὸ ὁποῖον ἀπέκτησε ἔρεισμα.

ΟΙ ΠΑΡΕΔΡΟΙ
ΚΑΙ ΣΥΜΒΟΥΛΟΙ ΑΘΗΝΩΝ

Ἡ διάλυσις ἐν ταῖς διαφόροις τακτικαῖς ἔλαβε χθὲς τὸ μεσονύκτιον καὶ ἐξελέγησαν πάρεδροι οἱ κ.κ. Ἀηλιγιαννικοὶ ὑποψήφιοι Βλαχόπουλος, Γαλανόπουλος, Χαραλαμπόπουλος καὶ Κοντογιάννης.

Οἱ κ. Ἀναστασίου 11,000 ψήφους, Βάφης 9,000, Μερκούρης 8,000, Καπώνης 8,000 καὶ Σπέτης 7,500.

Συμβουλευταὶ τὰ πέρας τῆς διαλογῆς χθὲς τὸ μεσονύκτιον ἐξελέγησαν οἱ κ.κ. Πετρίδης, Γρηγοριάδης, Μπούγιας, Κατσαρόπουλος καὶ Βουγαλάκης.

ΟΙ ΔΗΜΟΤΙΚΟΙ ΣΥΜΒΟΥΛΟΙ
ΕΝ ΠΕΙΡΑΙΕΙ

Κατὰ τὰ μέχρι τοῦδε συγκεντρωθέντα ἀποτελέσματα τὰ ὁποῖα ἐθεωρήθησαν ἐπίσημα ἐπέτυχον κατὰ σειρὰν οἱ ἑξῆς δημοτικοὶ σύμβουλοι:

1) Ν. Ξανθὸς ψῆφ. 5,861
2) Α. Πουρῆς 5,046
3) Γ. Σημαίτης 5,010
4) Ι. Ποτάσκας 4,887
5) Α. Γκίλιας 4,676
6) Γ. Λεσύρης 4,669
7) Α. Καφφαντάκης 4,640
8) Ι. Πανουσάκης 4,500
9) Ε. Παπαλεονάρδος 4,476
10) Α. Μεσσὰ 4297
11) Α. Παγγίκογλου 4,271
12) Α. Βαρκύρης 4239
13) Α. Παπατάσσας 4,263
14) Γ. Κολοσσόρης 4,232
15) Γ. Ασσάρης 4,129
16) Α. Μέρμηγκας 4,118
17) Α. Κοσσάρης 4,107
18) Ι. Παπαδόπουλος 4,089

Πρῶτος ἐπιλαχὼν ἔρχεται διὰ ψήφων 4,015 ὁ κ. Γ. Πρασόπουλος.

ΔΟΛΟΦΟΝΙΚΗ ΑΠΟΠΕΙΡΑ
(Ἰδιαίτερον τηλεγ. τοῦ «Ἐμπρός»)

ΛΑΜΠΡΟΣ, 9 Σεπτεμβρίου.— Εἰς ὁ χωρίον Πει ἔτε σήμερον ἐγένετο δολοφονικὴ ἀπόπειρα κατὰ τοῦ Γεωργίου Παπαδοπούλου ὑπὸ ἀγνώστων.

τὸν νὰ συνεργασθῇ μετ᾿ αὐτῆς ἐν τῷ συμφέροντι τῆς πατρίδος θεωροῦσα ὅτι δύναται νὰ ἀποφύγῃ τὰς ἐκλογὰς ἐν τῷ παρόντι.

Ἕνεκα τούτου ἡ Κυβέρνησις ἀπεφάσισεν νὰ μὴ καλέσῃ τὴν Βουλήν, ἐὰν δὲ μέχρι τῆς 1 Νοεμβρίου βελτιωθῇ ἡ κατάστασις ἡ Κυβέρνησις καὶ πάλιν θὰ ἐπιτύχῃ τὴν διάλυσιν.

ΤΙ ΛΕΓΕΙ Ο ΚΥΡΙΟΣ ΥΠΟΥΡΓΟΣ

Ἐν τέλει ὁ κ. Ἀηλιγιάννης ἐρωτηθεὶς ὑπὸ ἐπισήμου προσώπου περὶ τοῦ ζητήματος τῆς διαλύσεως εἶπε τὰ ἑξῆς: Κατὰ τὴν παροῦσαν ἐποχὴν τῆς Ἀπελευθέρωσης δὲν προβαίνομεν εἰς διάλυσιν, ἡ Βουλὴ θὰ συνέλθῃ τακτικῶς.

Ἡ Βουλὴ θὰ συγκληθῇ πρὸ τῆς 30 Ὀκτωβρίου, ἢ καὶ τὴν 1 Νοεμβρίου.

Η ΓΝΩΜΗ ΤΟΥ Κ. ΔΗΛΙΓΙΑΝΝΗ

Αἱ σκέψεις αὐται τῆς Κυβερνήσεως ἀσκοῦσι ἐπιβολὴν εἰς τὸν κ. Πρωθυπουργὸν ὁ ὁποῖος ἐξεφράσθη ὅτι δὲν θὰ προκηρύξῃ τὰς ἐκλογάς, ἐφόσον αἱ περιστάσεις δὲν τὸ ἐπιτρέπουσι.

Ἐν τούτοις δὲν θεωρεῖται πιθανὸν ὅτι δὲν θὰ ψηφισθῇ ὁ προϋπολογισμὸς ἀπὸ τὴν παροῦσαν Βουλήν.

Κατόπιν τούτου, καὶ ἐφόσον ἡ Κυβέρνησις ἐπιμένει, θὰ προσκαλέσῃ τὴν Βουλὴν εἰς τακτικὴν σύνοδον τὴν 1 Νοεμβρίου.

ΑΙ ΣΚΗΝΑΙ
ΤΗΣ ΟΔΟΥ ΣΤΑΔΙΟΥ
ΑΠΟΛΥΣΙΣ ΔΥΟ ΚΡΑΤΟΥΜΕΝΩΝ

Ἡ ἀνάκρισις ἐπὶ τῶν σκηνῶν τῆς ὁδοῦ Σταδίου προέβαινεν εἰς τὰς ἐργασίας αὐτῆς μετὰ ἀκριβοῦς ζήλου. Χθὲς ἡ ἀνακριτικὴ ἀρχὴ ἀπεφάσισε τὴν ἀπόλυσιν δύο ἐκ τῶν κρατουμένων.

Ἐκ τῶν κρατουμένων εἶνε οἱ δύο συλληφθέντες μετὰ τὴν ἐκτέλεσιν τῆς διαταγῆς τοῦ ἀνακριτοῦ, ἐξ ὧν ὁ εἷς ἀπελύθη τὴν νύκτα.

ΜΙΑ ΣΥΛΛΗΨΙΣ

Τὴν μεσημβρίαν χθὲς συνελήφθη ὁ Νικ. Κελλάκος, ἀγνώστου ταυτότητος, καὶ ὡδηγήθη εἰς τὸ Τμῆμα. Ὅ συλληφθεὶς μετ᾿ ὀλίγον ἀπελύθη.

ΣΥΛΛΗΨΙΣ ΤΟΥ ΖΑΜΠΑΚΟΥ

Ὁ γνωστὸς ὁ ἐπονομαζόμενος Ζαμπάκος συνελήφθη ὑπὸ τῆς Ἀστυνομίας εἰς τὴν Ἀγορὰν περιφερόμενος τῶν Ἀθηναϊκῶν αὐτοῦ τόπων.

ΤΟ ΕΓΓΡΑΦΟΝ
ΤΟΥ ΠΑΤΡΙΑΡΧΟΥ
ΠΡΟΣ ΤΟΝ Μ. ΒΕΖΥΡΗΝ

Τὸ ἀποσταλὲν ἔγγραφον ὑπὸ τοῦ Πατριάρχου πρὸς τὸν Μ. Βεζύρην, ἡ ἀνακοίνωσις τοῦ ὁποίου ἐγένετο ὑπὸ τοῦ Μητροπολίτου τῆς Μακεδονίας εἶνε τὸ ἑξῆς:

Τὰ ἀπὸ τινων χρόνων ἐπικρατήσαντα ἐν Τουρκίᾳ καὶ μάλιστα ἐν τῇ Μακεδονίᾳ τῶν Βουλγάρων διαβήματα εἶνε λίαν ἐπικίνδυνα.

Ἡ ἀπόφασις κατοικούντων κατ᾿ αὐτῶν, ἡ κατάστασις τῶν Χριστιανῶν καὶ ἡ ἀσφάλεια τῶν Ἑλλήνων εἰς Μακεδονίαν εἶνε ἐξαιρετικῶς σοβαρά.
